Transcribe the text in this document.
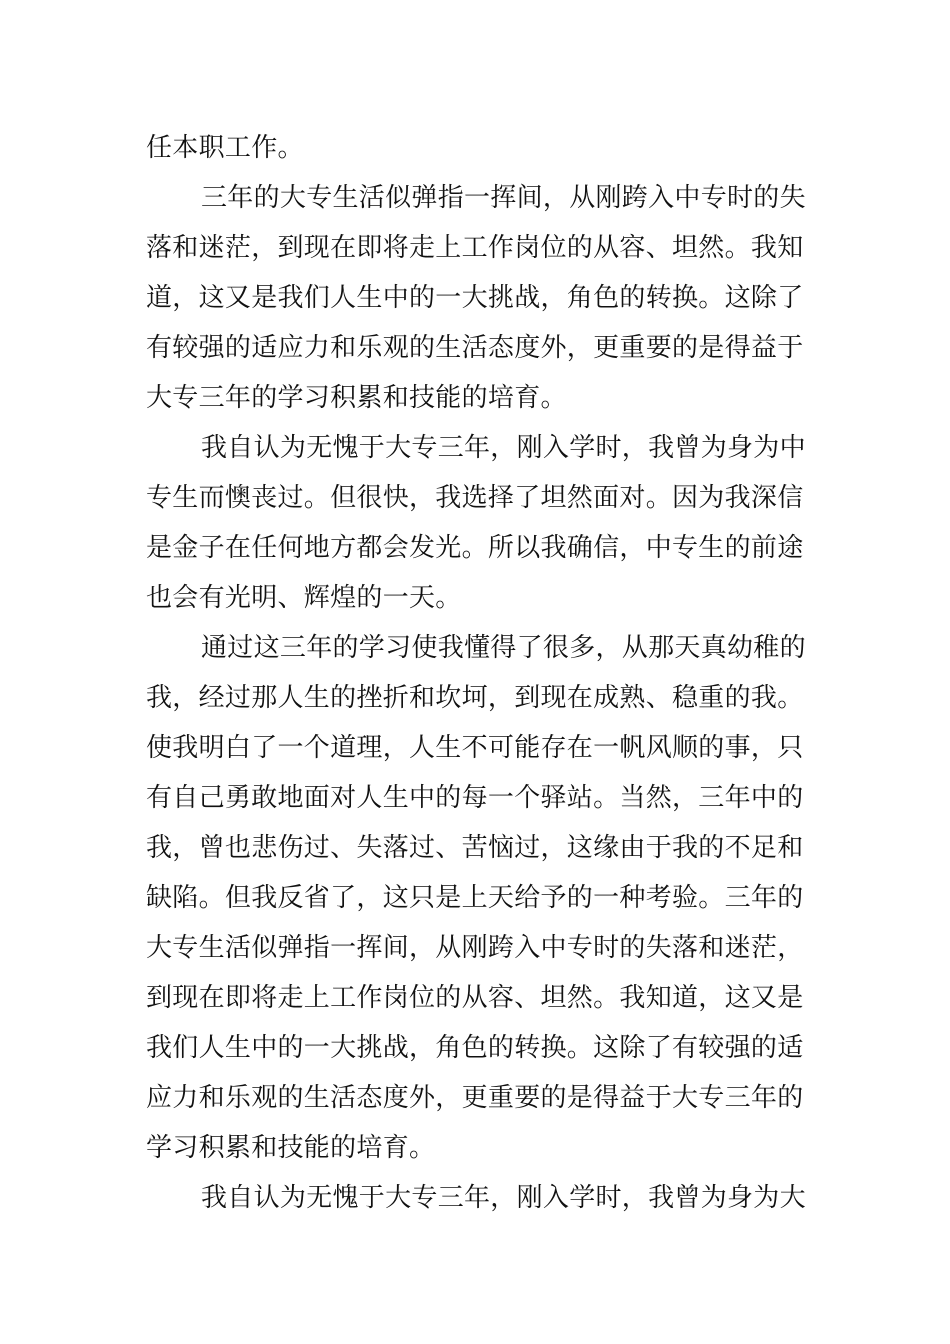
任本职工作。
三年的大专生活似弹指一挥间，从刚跨入中专时的失
落和迷茫，到现在即将走上工作岗位的从容、坦然。我知
道，这又是我们人生中的一大挑战，角色的转换。这除了
有较强的适应力和乐观的生活态度外，更重要的是得益于
大专三年的学习积累和技能的培育。
我自认为无愧于大专三年，刚入学时，我曾为身为中
专生而懊丧过。但很快，我选择了坦然面对。因为我深信
是金子在任何地方都会发光。所以我确信，中专生的前途
也会有光明、辉煌的一天。
通过这三年的学习使我懂得了很多，从那天真幼稚的
我，经过那人生的挫折和坎坷，到现在成熟、稳重的我。
使我明白了一个道理，人生不可能存在一帆风顺的事，只
有自己勇敢地面对人生中的每一个驿站。当然，三年中的
我，曾也悲伤过、失落过、苦恼过，这缘由于我的不足和
缺陷。但我反省了，这只是上天给予的一种考验。三年的
大专生活似弹指一挥间，从刚跨入中专时的失落和迷茫，
到现在即将走上工作岗位的从容、坦然。我知道，这又是
我们人生中的一大挑战，角色的转换。这除了有较强的适
应力和乐观的生活态度外，更重要的是得益于大专三年的
学习积累和技能的培育。
我自认为无愧于大专三年，刚入学时，我曾为身为大
